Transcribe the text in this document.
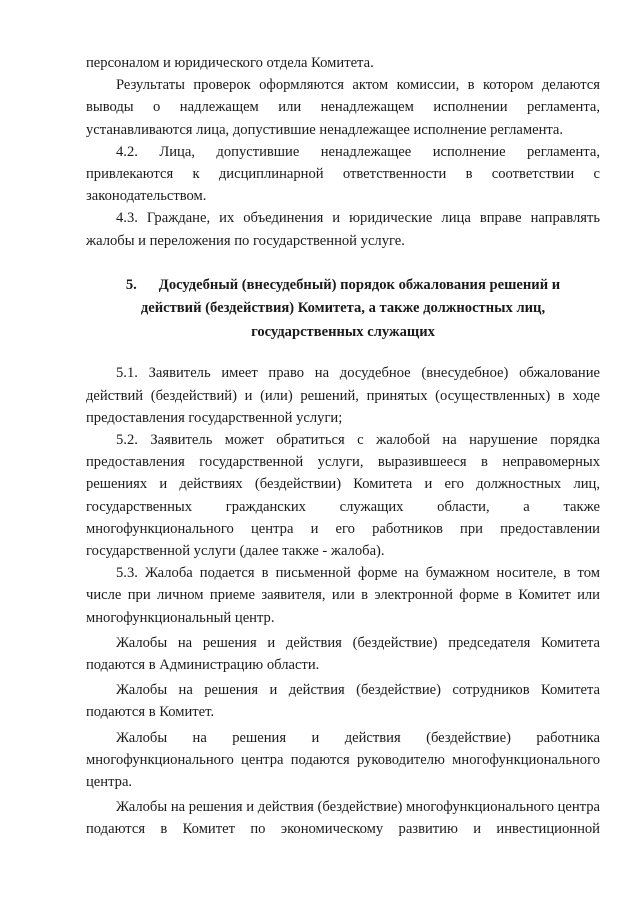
персоналом и юридического отдела Комитета.

Результаты проверок оформляются актом комиссии, в котором делаются выводы о надлежащем или ненадлежащем исполнении регламента, устанавливаются лица, допустившие ненадлежащее исполнение регламента.

4.2. Лица, допустившие ненадлежащее исполнение регламента, привлекаются к дисциплинарной ответственности в соответствии с законодательством.

4.3. Граждане, их объединения и юридические лица вправе направлять жалобы и переложения по государственной услуге.

5. Досудебный (внесудебный) порядок обжалования решений и
действий (бездействия) Комитета, а также должностных лиц,
государственных служащих

5.1. Заявитель имеет право на досудебное (внесудебное) обжалование действий (бездействий) и (или) решений, принятых (осуществленных) в ходе предоставления государственной услуги;

5.2. Заявитель может обратиться с жалобой на нарушение порядка предоставления государственной услуги, выразившееся в неправомерных решениях и действиях (бездействии) Комитета и его должностных лиц, государственных гражданских служащих области, а также многофункционального центра и его работников при предоставлении государственной услуги (далее также - жалоба).

5.3. Жалоба подается в письменной форме на бумажном носителе, в том числе при личном приеме заявителя, или в электронной форме в Комитет или многофункциональный центр.

Жалобы на решения и действия (бездействие) председателя Комитета подаются в Администрацию области.

Жалобы на решения и действия (бездействие) сотрудников Комитета подаются в Комитет.

Жалобы на решения и действия (бездействие) работника многофункционального центра подаются руководителю многофункционального центра.

Жалобы на решения и действия (бездействие) многофункционального центра подаются в Комитет по экономическому развитию и инвестиционной
